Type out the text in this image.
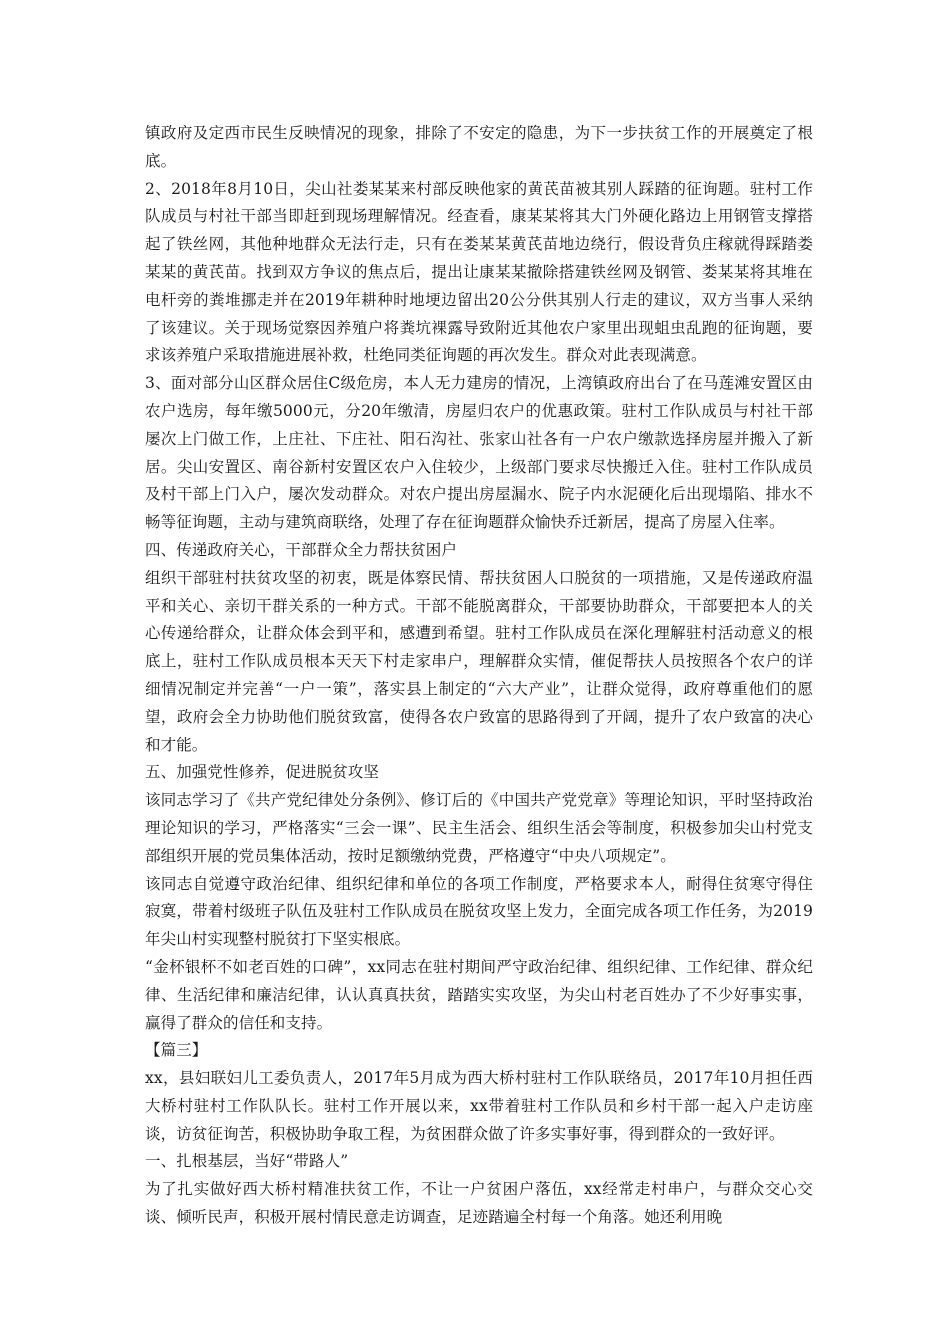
镇政府及定西市民生反映情况的现象，排除了不安定的隐患，为下一步扶贫工作的开展奠定了根底。

2、2018年8月10日，尖山社娄某某来村部反映他家的黄芪苗被其别人踩踏的征询题。驻村工作队成员与村社干部当即赶到现场理解情况。经查看，康某某将其大门外硬化路边上用钢管支撑搭起了铁丝网，其他种地群众无法行走，只有在娄某某黄芪苗地边绕行，假设背负庄稼就得踩踏娄某某的黄芪苗。找到双方争议的焦点后，提出让康某某撤除搭建铁丝网及钢管、娄某某将其堆在电杆旁的粪堆挪走并在2019年耕种时地埂边留出20公分供其别人行走的建议，双方当事人采纳了该建议。关于现场觉察因养殖户将粪坑裸露导致附近其他农户家里出现蛆虫乱跑的征询题，要求该养殖户采取措施进展补救，杜绝同类征询题的再次发生。群众对此表现满意。

3、面对部分山区群众居住C级危房，本人无力建房的情况，上湾镇政府出台了在马莲滩安置区由农户选房，每年缴5000元，分20年缴清，房屋归农户的优惠政策。驻村工作队成员与村社干部屡次上门做工作，上庄社、下庄社、阳石沟社、张家山社各有一户农户缴款选择房屋并搬入了新居。尖山安置区、南谷新村安置区农户入住较少，上级部门要求尽快搬迁入住。驻村工作队成员及村干部上门入户，屡次发动群众。对农户提出房屋漏水、院子内水泥硬化后出现塌陷、排水不畅等征询题，主动与建筑商联络，处理了存在征询题群众愉快乔迁新居，提高了房屋入住率。

四、传递政府关心，干部群众全力帮扶贫困户

组织干部驻村扶贫攻坚的初衷，既是体察民情、帮扶贫困人口脱贫的一项措施，又是传递政府温平和关心、亲切干群关系的一种方式。干部不能脱离群众，干部要协助群众，干部要把本人的关心传递给群众，让群众体会到平和，感遭到希望。驻村工作队成员在深化理解驻村活动意义的根底上，驻村工作队成员根本天天下村走家串户，理解群众实情，催促帮扶人员按照各个农户的详细情况制定并完善“一户一策”，落实县上制定的“六大产业”，让群众觉得，政府尊重他们的愿望，政府会全力协助他们脱贫致富，使得各农户致富的思路得到了开阔，提升了农户致富的决心和才能。

五、加强党性修养，促进脱贫攻坚

该同志学习了《共产党纪律处分条例》、修订后的《中国共产党党章》等理论知识，平时坚持政治理论知识的学习，严格落实“三会一课”、民主生活会、组织生活会等制度，积极参加尖山村党支部组织开展的党员集体活动，按时足额缴纳党费，严格遵守“中央八项规定”。

该同志自觉遵守政治纪律、组织纪律和单位的各项工作制度，严格要求本人，耐得住贫寒守得住寂寞，带着村级班子队伍及驻村工作队成员在脱贫攻坚上发力，全面完成各项工作任务，为2019年尖山村实现整村脱贫打下坚实根底。

“金杯银杯不如老百姓的口碑”，xx同志在驻村期间严守政治纪律、组织纪律、工作纪律、群众纪律、生活纪律和廉洁纪律，认认真真扶贫，踏踏实实攻坚，为尖山村老百姓办了不少好事实事，赢得了群众的信任和支持。

【篇三】

xx，县妇联妇儿工委负责人，2017年5月成为西大桥村驻村工作队联络员，2017年10月担任西大桥村驻村工作队队长。驻村工作开展以来，xx带着驻村工作队员和乡村干部一起入户走访座谈，访贫征询苦，积极协助争取工程，为贫困群众做了许多实事好事，得到群众的一致好评。

一、扎根基层，当好“带路人”

为了扎实做好西大桥村精准扶贫工作，不让一户贫困户落伍，xx经常走村串户，与群众交心交谈、倾听民声，积极开展村情民意走访调查，足迹踏遍全村每一个角落。她还利用晚
